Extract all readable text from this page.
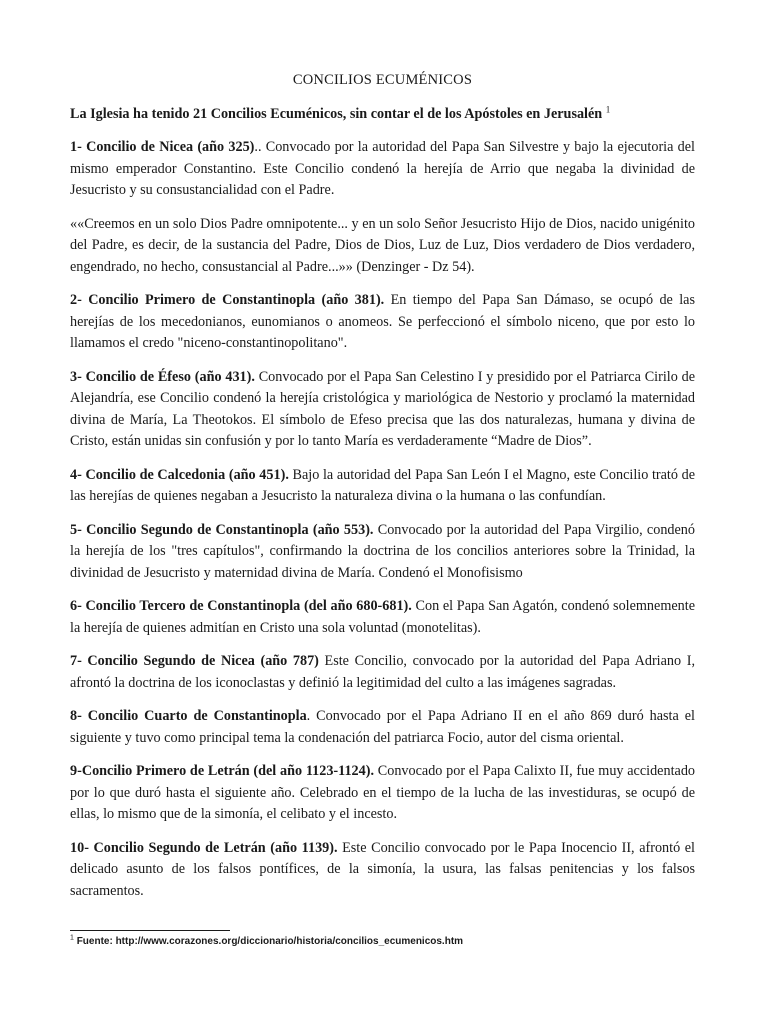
CONCILIOS ECUMÉNICOS
La Iglesia ha tenido 21 Concilios Ecuménicos, sin contar el de los Apóstoles en Jerusalén $^1$

1- Concilio de Nicea (año 325).. Convocado por la autoridad del Papa San Silvestre y bajo la ejecutoria del mismo emperador Constantino. Este Concilio condenó la herejía de Arrio que negaba la divinidad de Jesucristo y su consustancialidad con el Padre.

««Creemos en un solo Dios Padre omnipotente... y en un solo Señor Jesucristo Hijo de Dios, nacido unigénito del Padre, es decir, de la sustancia del Padre, Dios de Dios, Luz de Luz, Dios verdadero de Dios verdadero, engendrado, no hecho, consustancial al Padre...»» (Denzinger - Dz 54).

2- Concilio Primero de Constantinopla (año 381). En tiempo del Papa San Dámaso, se ocupó de las herejías de los mecedonianos, eunomianos o anomeos. Se perfeccionó el símbolo niceno, que por esto lo llamamos el credo "niceno-constantinopolitano".

3- Concilio de Éfeso (año 431). Convocado por el Papa San Celestino I y presidido por el Patriarca Cirilo de Alejandría, ese Concilio condenó la herejía cristológica y mariológica de Nestorio y proclamó la maternidad divina de María, La Theotokos. El símbolo de Efeso precisa que las dos naturalezas, humana y divina de Cristo, están unidas sin confusión y por lo tanto María es verdaderamente “Madre de Dios”.

4- Concilio de Calcedonia (año 451). Bajo la autoridad del Papa San León I el Magno, este Concilio trató de las herejías de quienes negaban a Jesucristo la naturaleza divina o la humana o las confundían.

5- Concilio Segundo de Constantinopla (año 553). Convocado por la autoridad del Papa Virgilio, condenó la herejía de los "tres capítulos", confirmando la doctrina de los concilios anteriores sobre la Trinidad, la divinidad de Jesucristo y maternidad divina de María. Condenó el Monofisismo

6- Concilio Tercero de Constantinopla (del año 680-681). Con el Papa San Agatón, condenó solemnemente la herejía de quienes admitían en Cristo una sola voluntad (monotelitas).

7- Concilio Segundo de Nicea (año 787) Este Concilio, convocado por la autoridad del Papa Adriano I, afrontó la doctrina de los iconoclastas y definió la legitimidad del culto a las imágenes sagradas.

8- Concilio Cuarto de Constantinopla. Convocado por el Papa Adriano II en el año 869 duró hasta el siguiente y tuvo como principal tema la condenación del patriarca Focio, autor del cisma oriental.

9-Concilio Primero de Letrán (del año 1123-1124). Convocado por el Papa Calixto II, fue muy accidentado por lo que duró hasta el siguiente año. Celebrado en el tiempo de la lucha de las investiduras, se ocupó de ellas, lo mismo que de la simonía, el celibato y el incesto.

10- Concilio Segundo de Letrán (año 1139). Este Concilio convocado por le Papa Inocencio II, afrontó el delicado asunto de los falsos pontífices, de la simonía, la usura, las falsas penitencias y los falsos sacramentos.

$^1$ Fuente: http://www.corazones.org/diccionario/historia/concilios_ecumenicos.htm
